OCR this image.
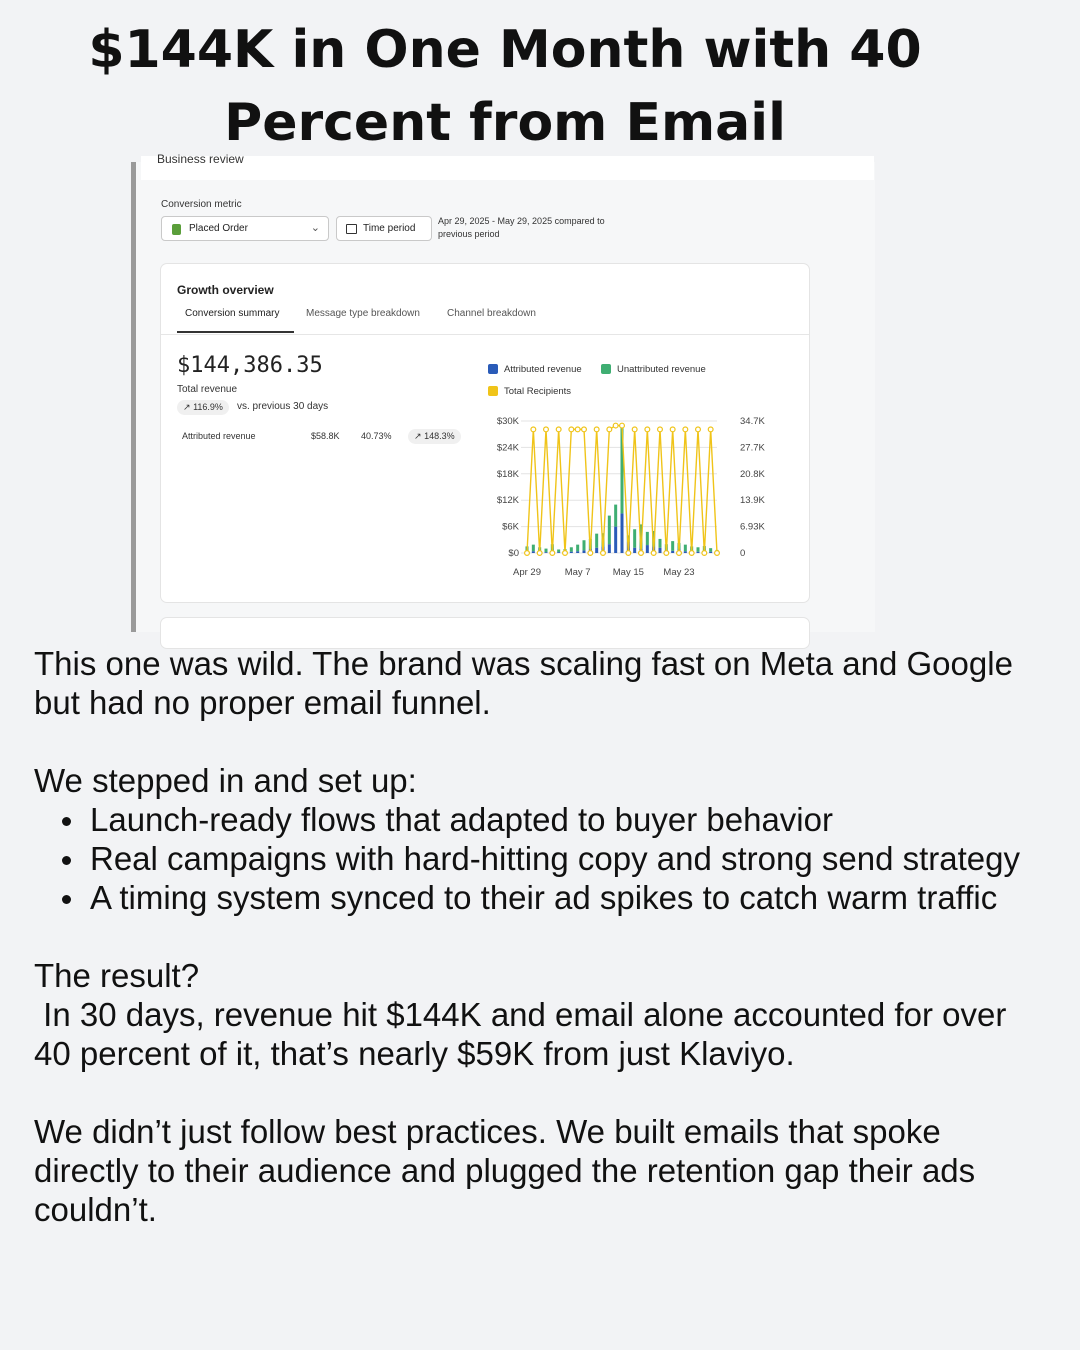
$144K in One Month with 40 Percent from Email
Business review
Conversion metric
Placed Order	⌄	Time period
Apr 29, 2025 - May 29, 2025 compared to previous period
Growth overview
Conversion summary	Message type breakdown	Channel breakdown
$144,386.35
Total revenue
↗ 116.9%	vs. previous 30 days
Attributed revenue	$58.8K 40.73%	↗ 148.3%
Attributed revenue	Unattributed revenue
Total Recipients
$0
$6K
$12K
$18K
$24K
$30K
0
6.93K
13.9K
20.8K
27.7K
34.7K
Apr 29 May 7 May 15 May 23

This one was wild. The brand was scaling fast on Meta and Google but had no proper email funnel.

We stepped in and set up:

Launch-ready flows that adapted to buyer behavior
Real campaigns with hard-hitting copy and strong send strategy
A timing system synced to their ad spikes to catch warm traffic

The result?

In 30 days, revenue hit $144K and email alone accounted for over 40 percent of it, that’s nearly $59K from just Klaviyo.

We didn’t just follow best practices. We built emails that spoke directly to their audience and plugged the retention gap their ads couldn’t.
